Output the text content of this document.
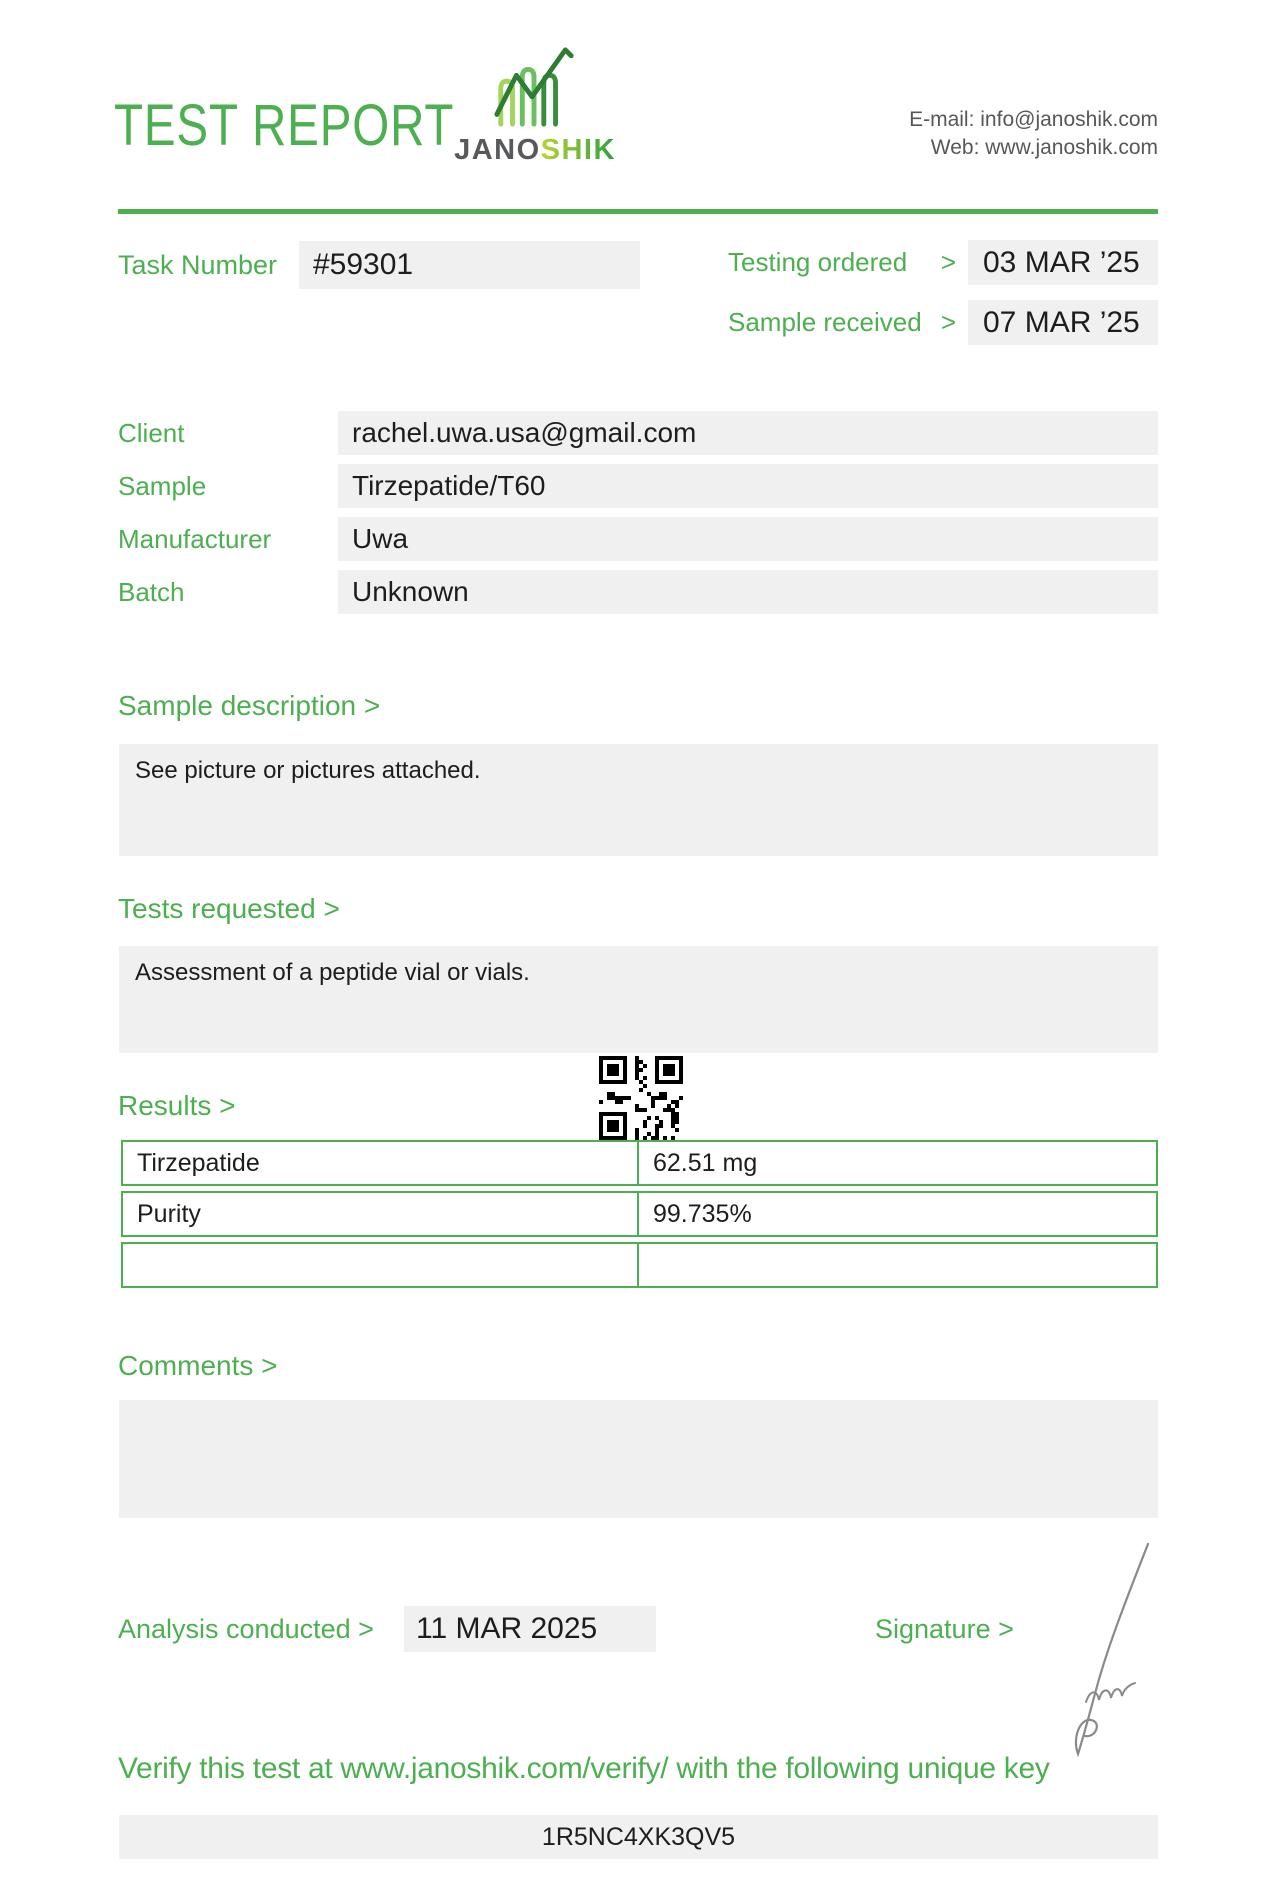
TEST REPORT JANOSHIK
E-mail: info@janoshik.com
Web: www.janoshik.com
Task Number	#59301	Testing ordered > 03 MAR ’25
Sample received > 07 MAR ’25
Client	rachel.uwa.usa@gmail.com
Sample	Tirzepatide/T60
Manufacturer	Uwa
Batch	Unknown
Sample description >
See picture or pictures attached.
Tests requested >
Assessment of a peptide vial or vials.
Results >
Tirzepatide	62.51 mg
Purity	99.735%
Comments >
Analysis conducted >	11 MAR 2025	Signature >
Verify this test at www.janoshik.com/verify/ with the following unique key
1R5NC4XK3QV5
